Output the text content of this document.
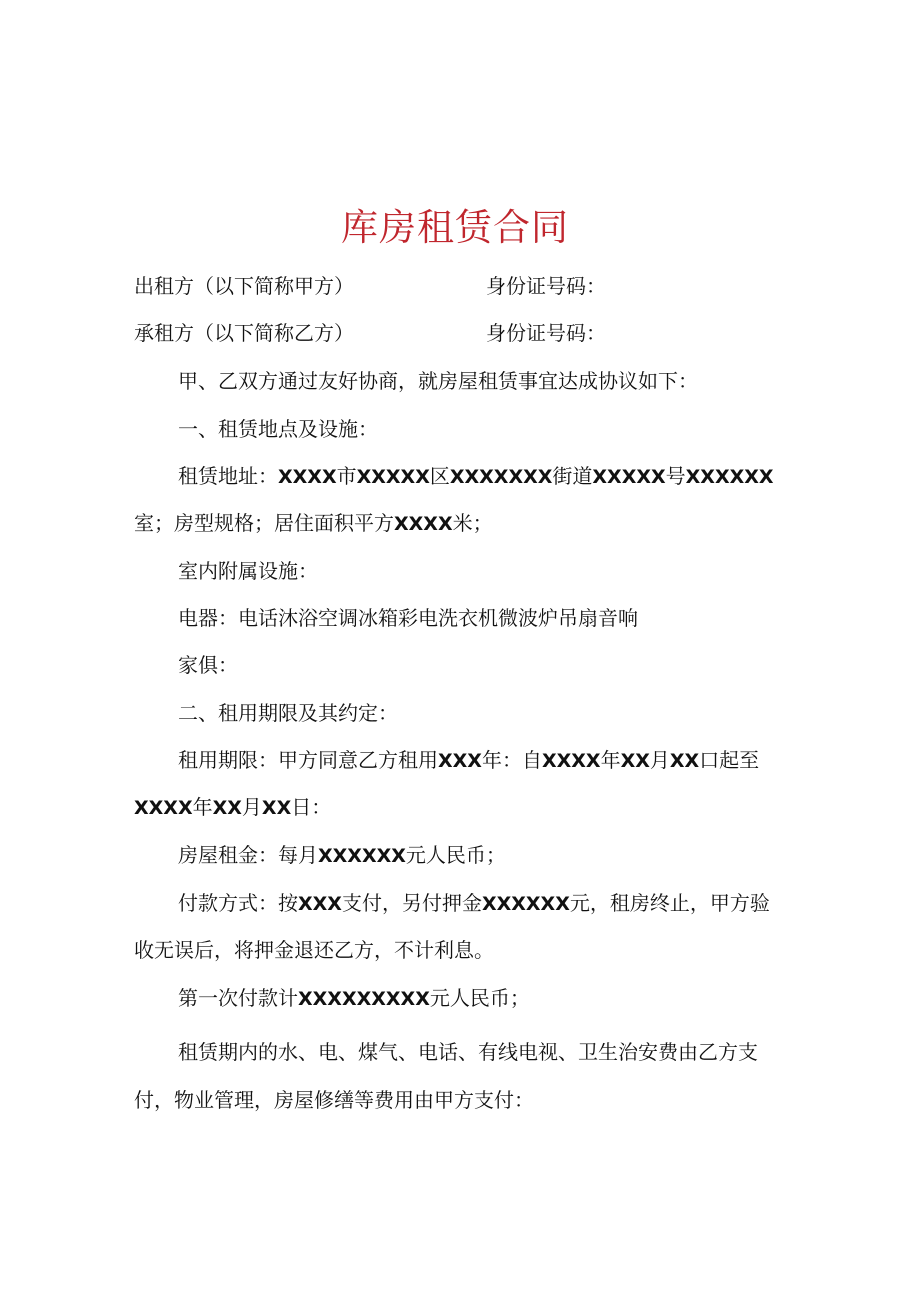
库房租赁合同
出租方（以下简称甲方）	身份证号码：
承租方（以下简称乙方）	身份证号码：
甲、乙双方通过友好协商，就房屋租赁事宜达成协议如下：
一、租赁地点及设施：
租赁地址：XXXX市XXXXX区XXXXXXX街道XXXXX号XXXXXX
室；房型规格；居住面积平方XXXX米；
室内附属设施：
电器：电话沐浴空调冰箱彩电洗衣机微波炉吊扇音响
家俱：
二、租用期限及其约定：
租用期限：甲方同意乙方租用XXX年：自XXXX年XX月XX口起至
XXXX年XX月XX日：
房屋租金：每月XXXXXX元人民币；
付款方式：按XXX支付，另付押金XXXXXX元，租房终止，甲方验
收无误后，将押金退还乙方，不计利息。
第一次付款计XXXXXXXXX元人民币；
租赁期内的水、电、煤气、电话、有线电视、卫生治安费由乙方支
付，物业管理，房屋修缮等费用由甲方支付：
